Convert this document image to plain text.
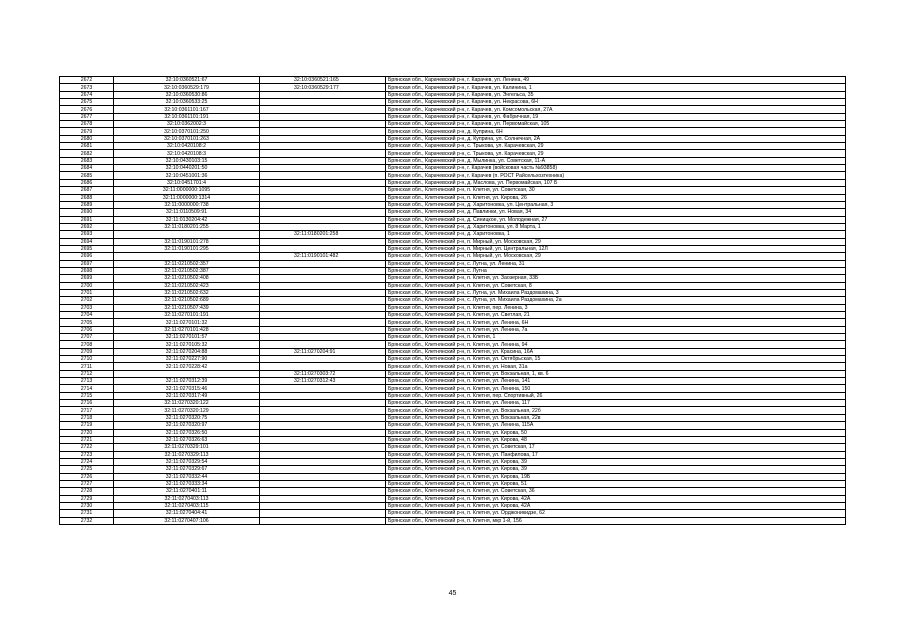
2672	32:10:0360521:67	32:10:0360521:165	Брянская обл., Карачевский р-н, г. Карачев, ул. Ленина, 49
2673	32:10:0360529:179	32:10:0360529:177	Брянская обл., Карачевский р-н, г. Карачев, ул. Калинина, 1
2674	32:10:0360530:86		Брянская обл., Карачевский р-н, г. Карачев, ул. Энгельса, 35
2675	32:10:0360533:25		Брянская обл., Карачевский р-н, г. Карачев, ул. Некрасова, 6Н
2676	32:10:0361101:167		Брянская обл., Карачевский р-н, г. Карачев, ул. Комсомольская, 27А
2677	32:10:0361101:191		Брянская обл., Карачевский р-н, г. Карачев, ул. Фабричная, 19
2678	32:10:0362002:3		Брянская обл., Карачевский р-н, г. Карачев, ул. Первомайская, 105
2679	32:10:0370101:250		Брянская обл., Карачевский р-н, д. Куприна, 6Н
2680	32:10:0370101:263		Брянская обл., Карачевский р-н, д. Куприна, ул. Солнечная, 2А
2681	32:10:0420108:2		Брянская обл., Карачевский р-н, с. Трыкова, ул. Карачевская, 29
2682	32:10:0420108:3		Брянская обл., Карачевский р-н, с. Трыкова, ул. Карачевская, 29
2683	32:10:0430103:15		Брянская обл., Карачевский р-н, д. Мылинка, ул. Советская, 11-А
2684	32:10:0440201:50		Брянская обл., Карачевский р-н, г. Карачев (войсковая часть №93858)
2685	32:10:0451001:36		Брянская обл., Карачевский р-н, г. Карачев (п. РОСТ Райсельхозтехника)
2686	32:10:0451701:4		Брянская обл., Карачевский р-н, д. Маслова, ул. Первомайская, 107 Б
2687	32:11:0000000:1095		Брянская обл., Клетнянский р-н, п. Клетня, ул. Советская, 30
2688	32:11:0000000:1314		Брянская обл., Клетнянский р-н, п. Клетня, ул. Кирова, 26
2689	32:11:0000000:738		Брянская обл., Клетнянский р-н, д. Харитоновка, ул. Центральная, 3
2690	32:11:0110509:91		Брянская обл., Клетнянский р-н, д. Павлинки, ул. Новая, 34
2691	32:11:0130204:42		Брянская обл., Клетнянский р-н, д. Синицкое, ул. Молодежная, 27
2692	32:11:0180201:255		Брянская обл., Клетнянский р-н, д. Харитоновка, ул. 8 Марта, 1
2693		32:11:0180201:258	Брянская обл., Клетнянский р-н, д. Харитоновка, 1
2694	32:11:0190101:278		Брянская обл., Клетнянский р-н, п. Мирный, ул. Московская, 29
2695	32:11:0190101:295		Брянская обл., Клетнянский р-н, п. Мирный, ул. Центральная, 12Л
2696		32:11:0190101:482	Брянская обл., Клетнянский р-н, п. Мирный, ул. Московская, 29
2697	32:11:0210502:357		Брянская обл., Клетнянский р-н, с. Лутна, ул. Ленина, 31
2698	32:11:0210502:387		Брянская обл., Клетнянский р-н, с. Лутна
2699	32:11:0210502:408		Брянская обл., Клетнянский р-н, п. Клетня, ул. Заозерная, 33Б
2700	32:11:0210502:423		Брянская обл., Клетнянский р-н, п. Клетня, ул. Советская, 8
2701	32:11:0210502:632		Брянская обл., Клетнянский р-н, с. Лутна, ул. Михаила Раздомахина, 3
2702	32:11:0210502:689		Брянская обл., Клетнянский р-н, с. Лутна, ул. Михаила Раздомахина, 2а
2703	32:11:0210507:439		Брянская обл., Клетнянский р-н, п. Клетня, пер. Ленина, 3
2704	32:11:0270101:191		Брянская обл., Клетнянский р-н, п. Клетня, ул. Светлая, 21
2705	32:11:0270101:32		Брянская обл., Клетнянский р-н, п. Клетня, ул. Ленина, 6Н
2706	32:11:0270101:428		Брянская обл., Клетнянский р-н, п. Клетня, ул. Ленина, 7а
2707	32:11:0270101:57		Брянская обл., Клетнянский р-н, п. Клетня, 1
2708	32:11:0270105:32		Брянская обл., Клетнянский р-н, п. Клетня, ул. Ленина, 94
2709	32:11:0270204:88	32:11:0270204:91	Брянская обл., Клетнянский р-н, п. Клетня, ул. Красина, 16А
2710	32:11:0270227:90		Брянская обл., Клетнянский р-н, п. Клетня, ул. Октябрьская, 15
2711	32:11:0270228:42		Брянская обл., Клетнянский р-н, п. Клетня, ул. Новая, 31а
2712		32:11:0270303:72	Брянская обл., Клетнянский р-н, п. Клетня, ул. Вокзальная, 1, кв. 6
2713	32:11:0270312:39	32:11:0270312:43	Брянская обл., Клетнянский р-н, п. Клетня, ул. Ленина, 141
2714	32:11:0270315:46		Брянская обл., Клетнянский р-н, п. Клетня, ул. Ленина, 150
2715	32:11:0270317:49		Брянская обл., Клетнянский р-н, п. Клетня, пер. Спортивный, 26
2716	32:11:0270320:122		Брянская обл., Клетнянский р-н, п. Клетня, ул. Ленина, 117
2717	32:11:0270320:129		Брянская обл., Клетнянский р-н, п. Клетня, ул. Вокзальная, 22б
2718	32:11:0270320:75		Брянская обл., Клетнянский р-н, п. Клетня, ул. Вокзальная, 22в
2719	32:11:0270320:97		Брянская обл., Клетнянский р-н, п. Клетня, ул. Ленина, 115А
2720	32:11:0270326:50		Брянская обл., Клетнянский р-н, п. Клетня, ул. Кирова, 50
2721	32:11:0270326:63		Брянская обл., Клетнянский р-н, п. Клетня, ул. Кирова, 48
2722	32:11:0270329:101		Брянская обл., Клетнянский р-н, п. Клетня, ул. Советская, 17
2723	32:11:0270329:113		Брянская обл., Клетнянский р-н, п. Клетня, ул. Панфилова, 17
2724	32:11:0270329:54		Брянская обл., Клетнянский р-н, п. Клетня, ул. Кирова, 39
2725	32:11:0270329:67		Брянская обл., Клетнянский р-н, п. Клетня, ул. Кирова, 39
2726	32:11:0270332:44		Брянская обл., Клетнянский р-н, п. Клетня, ул. Кирова, 19Б
2727	32:11:0270333:34		Брянская обл., Клетнянский р-н, п. Клетня, ул. Кирова, 51
2728	32:11:0270401:11		Брянская обл., Клетнянский р-н, п. Клетня, ул. Советская, 36
2729	32:11:0270403:113		Брянская обл., Клетнянский р-н, п. Клетня, ул. Кирова, 42А
2730	32:11:0270403:115		Брянская обл., Клетнянский р-н, п. Клетня, ул. Кирова, 42А
2731	32:11:0270404:41		Брянская обл., Клетнянский р-н, п. Клетня, ул. Орджоникидзе, 62
2732	32:11:0270407:106		Брянская обл., Клетнянский р-н, п. Клетня, мкр 1-й, 156
45
